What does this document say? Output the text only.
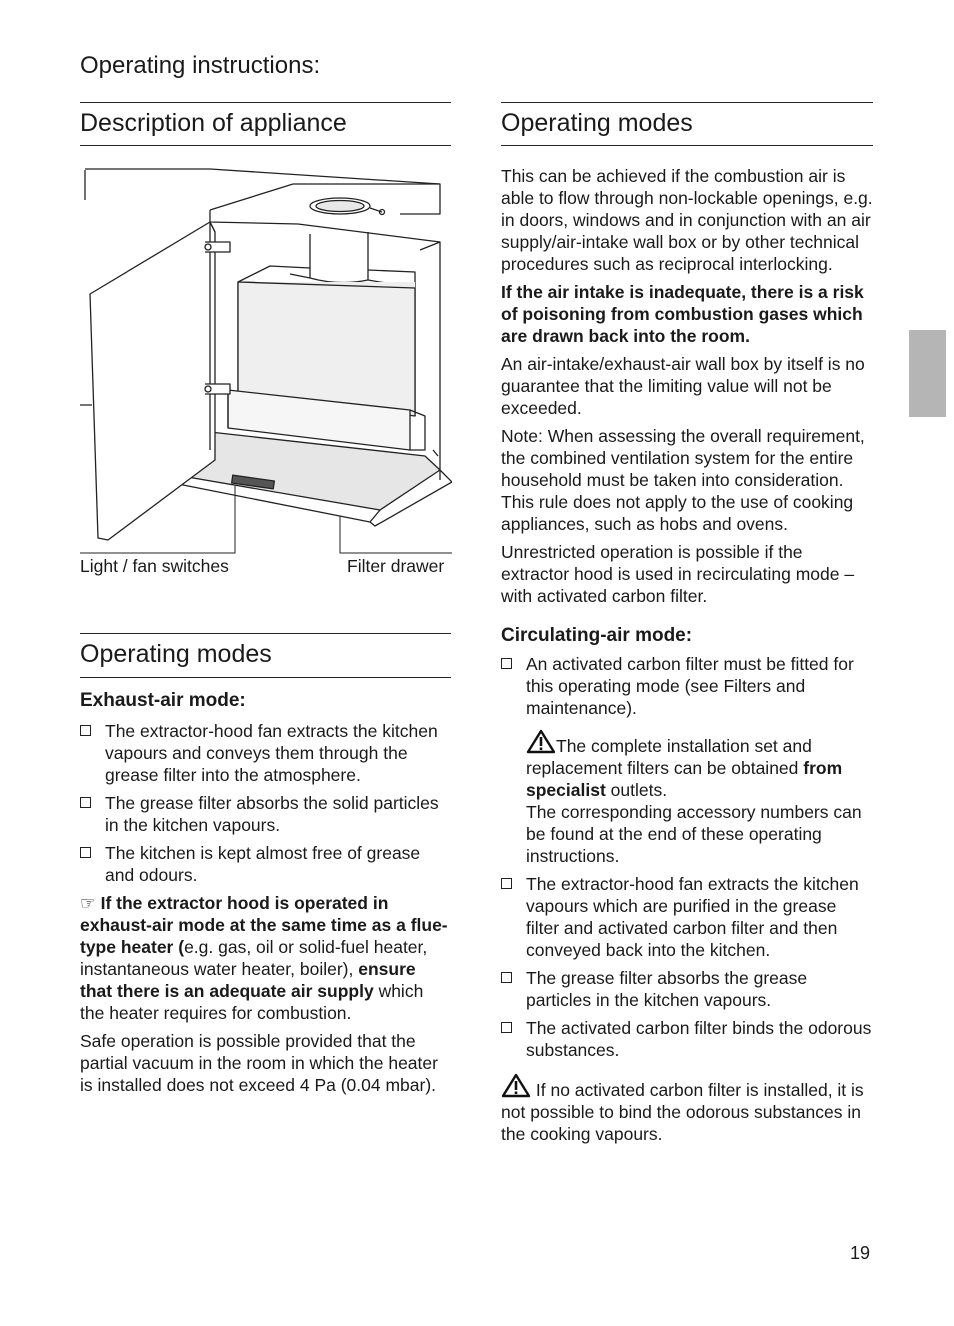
Operating instructions:
Description of appliance
Light / fan switches	Filter drawer
Operating modes
Exhaust-air mode:
The extractor-hood fan extracts the kitchen vapours and conveys them through the grease filter into the atmosphere.
The grease filter absorbs the solid particles in the kitchen vapours.
The kitchen is kept almost free of grease and odours.
☞ If the extractor hood is operated in exhaust-air mode at the same time as a flue-type heater (e.g. gas, oil or solid-fuel heater, instantaneous water heater, boiler), ensure that there is an adequate air supply which the heater requires for combustion.
Safe operation is possible provided that the partial vacuum in the room in which the heater is installed does not exceed 4 Pa (0.04 mbar).
Operating modes
This can be achieved if the combustion air is able to flow through non-lockable openings, e.g. in doors, windows and in conjunction with an air supply/air-intake wall box or by other technical procedures such as reciprocal interlocking.
If the air intake is inadequate, there is a risk of poisoning from combustion gases which are drawn back into the room.
An air-intake/exhaust-air wall box by itself is no guarantee that the limiting value will not be exceeded.
Note: When assessing the overall requirement, the combined ventilation system for the entire household must be taken into consideration. This rule does not apply to the use of cooking appliances, such as hobs and ovens.
Unrestricted operation is possible if the extractor hood is used in recirculating mode – with activated carbon filter.
Circulating-air mode:
An activated carbon filter must be fitted for this operating mode (see Filters and maintenance).
The complete installation set and replacement filters can be obtained from specialist outlets.
The corresponding accessory numbers can be found at the end of these operating instructions.
The extractor-hood fan extracts the kitchen vapours which are purified in the grease filter and activated carbon filter and then conveyed back into the kitchen.
The grease filter absorbs the grease particles in the kitchen vapours.
The activated carbon filter binds the odorous substances.
If no activated carbon filter is installed, it is not possible to bind the odorous substances in the cooking vapours.
19
